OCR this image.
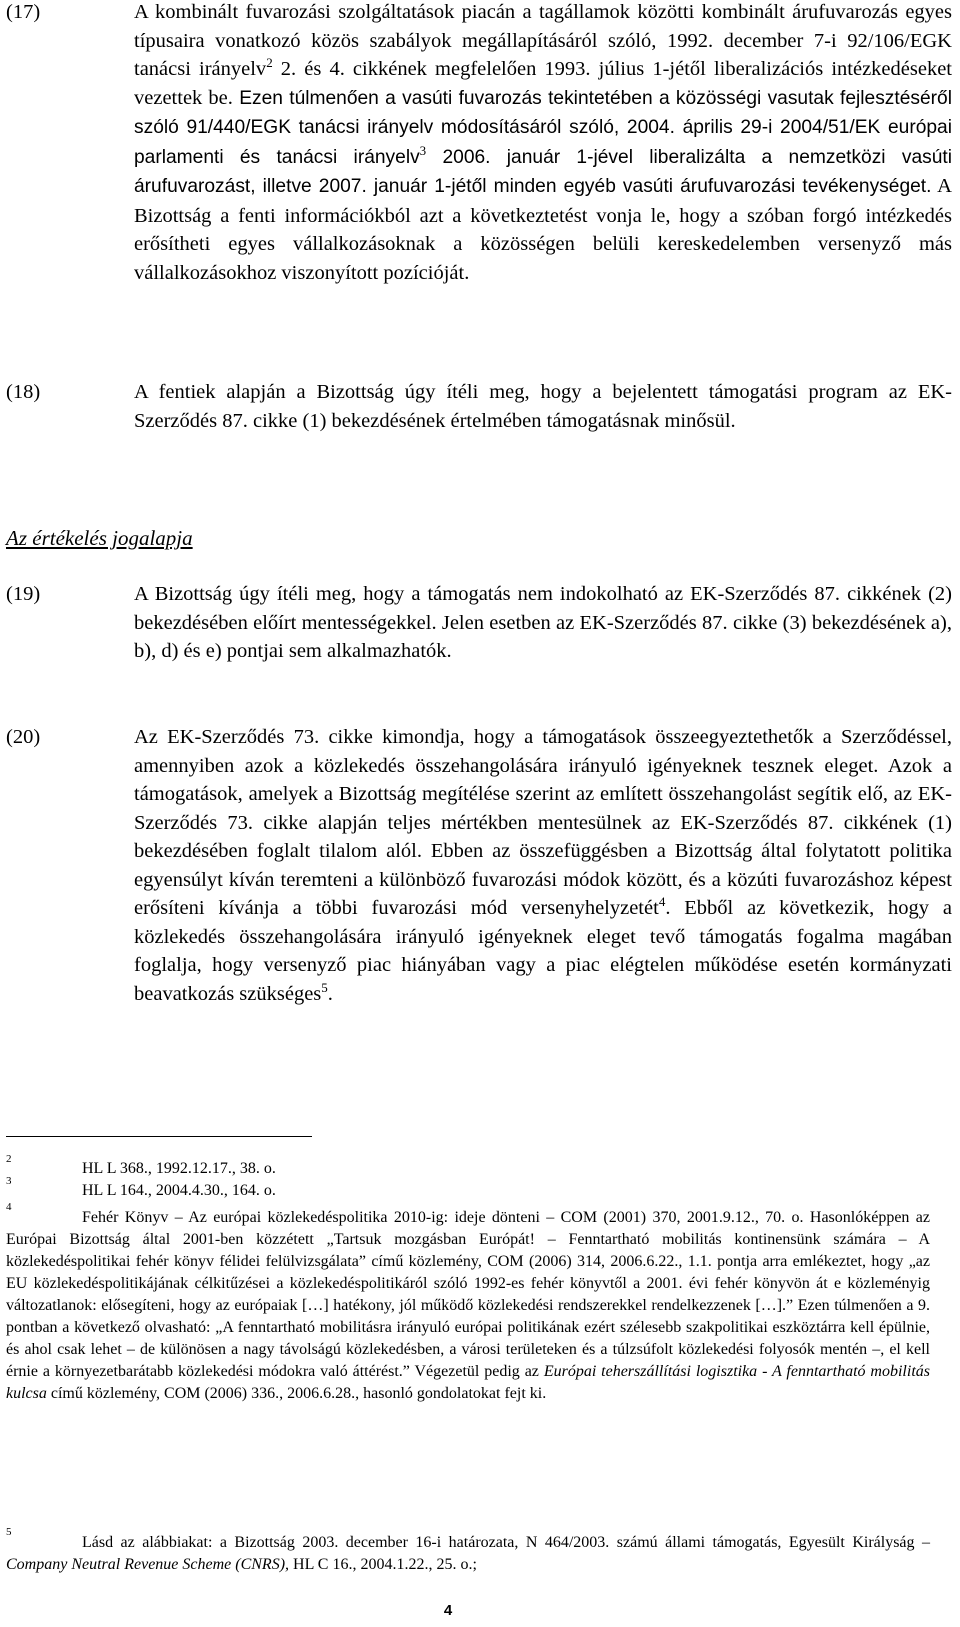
(17)	A kombinált fuvarozási szolgáltatások piacán a tagállamok közötti kombinált árufuvarozás egyes típusaira vonatkozó közös szabályok megállapításáról szóló, 1992. december 7-i 92/106/EGK tanácsi irányelv$^2$ 2. és 4. cikkének megfelelően 1993. július 1-jétől liberalizációs intézkedéseket vezettek be. Ezen túlmenően a vasúti fuvarozás tekintetében a közösségi vasutak fejlesztéséről szóló 91/440/EGK tanácsi irányelv módosításáról szóló, 2004. április 29-i 2004/51/EK európai parlamenti és tanácsi irányelv$^3$ 2006. január 1-jével liberalizálta a nemzetközi vasúti árufuvarozást, illetve 2007. január 1-jétől minden egyéb vasúti árufuvarozási tevékenységet. A Bizottság a fenti információkból azt a következtetést vonja le, hogy a szóban forgó intézkedés erősítheti egyes vállalkozásoknak a közösségen belüli kereskedelemben versenyző más vállalkozásokhoz viszonyított pozícióját.
(18)	A fentiek alapján a Bizottság úgy ítéli meg, hogy a bejelentett támogatási program az EK-Szerződés 87. cikke (1) bekezdésének értelmében támogatásnak minősül.
Az értékelés jogalapja
(19)	A Bizottság úgy ítéli meg, hogy a támogatás nem indokolható az EK-Szerződés 87. cikkének (2) bekezdésében előírt mentességekkel. Jelen esetben az EK-Szerződés 87. cikke (3) bekezdésének a), b), d) és e) pontjai sem alkalmazhatók.
(20)	Az EK-Szerződés 73. cikke kimondja, hogy a támogatások összeegyeztethetők a Szerződéssel, amennyiben azok a közlekedés összehangolására irányuló igényeknek tesznek eleget. Azok a támogatások, amelyek a Bizottság megítélése szerint az említett összehangolást segítik elő, az EK-Szerződés 73. cikke alapján teljes mértékben mentesülnek az EK-Szerződés 87. cikkének (1) bekezdésében foglalt tilalom alól. Ebben az összefüggésben a Bizottság által folytatott politika egyensúlyt kíván teremteni a különböző fuvarozási módok között, és a közúti fuvarozáshoz képest erősíteni kívánja a többi fuvarozási mód versenyhelyzetét$^4$. Ebből az következik, hogy a közlekedés összehangolására irányuló igényeknek eleget tevő támogatás fogalma magában foglalja, hogy versenyző piac hiányában vagy a piac elégtelen működése esetén kormányzati beavatkozás szükséges$^5$.
2

HL L 368., 1992.12.17., 38. o.

3

HL L 164., 2004.4.30., 164. o.

4

Fehér Könyv – Az európai közlekedéspolitika 2010-ig: ideje dönteni – COM (2001) 370, 2001.9.12., 70. o. Hasonlóképpen az Európai Bizottság által 2001-ben közzétett „Tartsuk mozgásban Európát! – Fenntartható mobilitás kontinensünk számára – A közlekedéspolitikai fehér könyv félidei felülvizsgálata” című közlemény, COM (2006) 314, 2006.6.22., 1.1. pontja arra emlékeztet, hogy „az EU közlekedéspolitikájának célkitűzései a közlekedéspolitikáról szóló 1992-es fehér könyvtől a 2001. évi fehér könyvön át e közleményig változatlanok: elősegíteni, hogy az európaiak […] hatékony, jól működő közlekedési rendszerekkel rendelkezzenek […].” Ezen túlmenően a 9. pontban a következő olvasható: „A fenntartható mobilitásra irányuló európai politikának ezért szélesebb szakpolitikai eszköztárra kell épülnie, és ahol csak lehet – de különösen a nagy távolságú közlekedésben, a városi területeken és a túlzsúfolt közlekedési folyosók mentén –, el kell érnie a környezetbarátabb közlekedési módokra való áttérést.” Végezetül pedig az Európai teherszállítási logisztika - A fenntartható mobilitás kulcsa című közlemény, COM (2006) 336., 2006.6.28., hasonló gondolatokat fejt ki.

5

Lásd az alábbiakat: a Bizottság 2003. december 16-i határozata, N 464/2003. számú állami támogatás, Egyesült Királyság – Company Neutral Revenue Scheme (CNRS), HL C 16., 2004.1.22., 25. o.;

4
